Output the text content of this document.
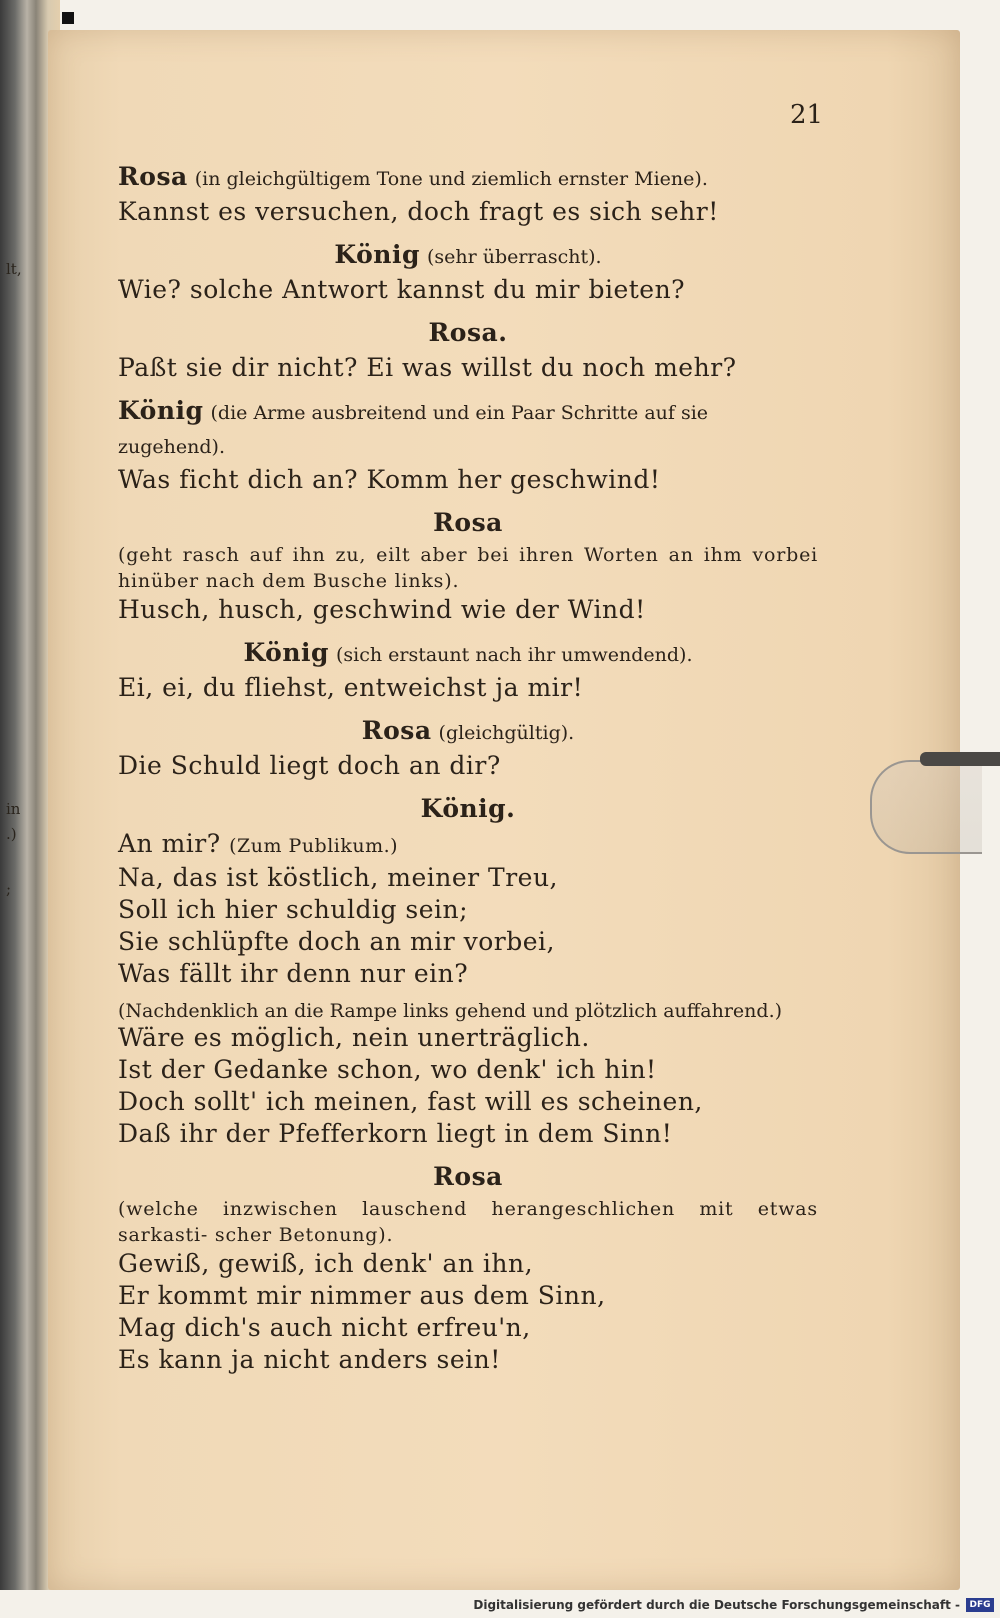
lt,
in
.)
;
21
Rosa (in gleichgültigem Tone und ziemlich ernster Miene).
Kannst es versuchen, doch fragt es sich sehr!
König (sehr überrascht).
Wie? solche Antwort kannst du mir bieten?
Rosa.
Paßt sie dir nicht? Ei was willst du noch mehr?
König (die Arme ausbreitend und ein Paar Schritte auf sie zugehend).
Was ficht dich an? Komm her geschwind!
Rosa
(geht rasch auf ihn zu, eilt aber bei ihren Worten an ihm vorbei hinüber nach dem Busche links).
Husch, husch, geschwind wie der Wind!
König (sich erstaunt nach ihr umwendend).
Ei, ei, du fliehst, entweichst ja mir!
Rosa (gleichgültig).
Die Schuld liegt doch an dir?
König.
An mir? (Zum Publikum.)
Na, das ist köstlich, meiner Treu,
Soll ich hier schuldig sein;
Sie schlüpfte doch an mir vorbei,
Was fällt ihr denn nur ein?
(Nachdenklich an die Rampe links gehend und plötzlich auffahrend.)
Wäre es möglich, nein unerträglich.
Ist der Gedanke schon, wo denk' ich hin!
Doch sollt' ich meinen, fast will es scheinen,
Daß ihr der Pfefferkorn liegt in dem Sinn!
Rosa
(welche inzwischen lauschend herangeschlichen mit etwas sarkasti- scher Betonung).
Gewiß, gewiß, ich denk' an ihn,
Er kommt mir nimmer aus dem Sinn,
Mag dich's auch nicht erfreu'n,
Es kann ja nicht anders sein!
Digitalisierung gefördert durch die Deutsche Forschungsgemeinschaft -	DFG
